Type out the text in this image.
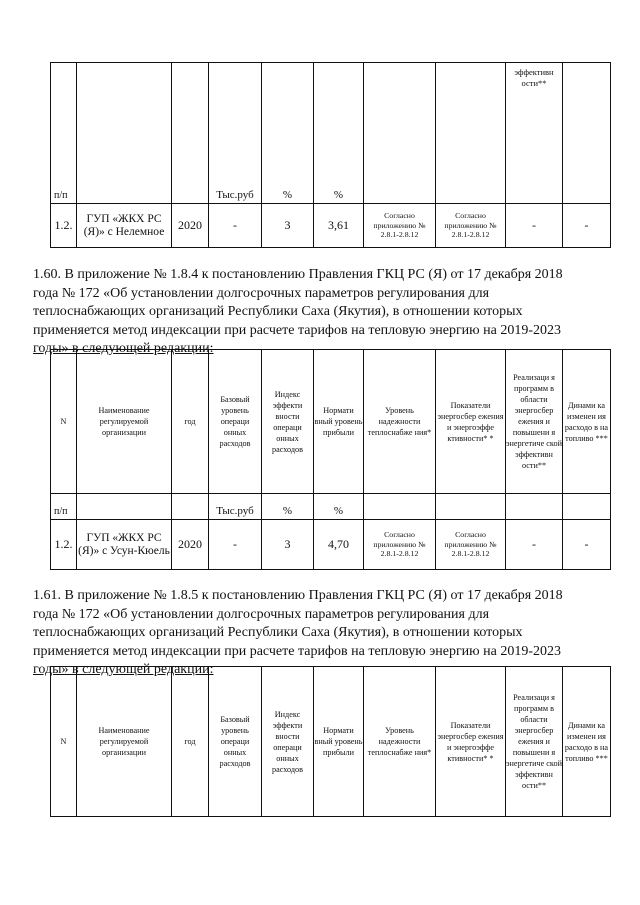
п/п			Тыс.руб	%	%			эффективн ости**	
1.2.	ГУП «ЖКХ РС (Я)» с Нелемное	2020	-	3	3,61	Согласно приложению № 2.8.1-2.8.12	Согласно приложению № 2.8.1-2.8.12	-	-
1.60. В приложение № 1.8.4 к постановлению Правления ГКЦ РС (Я) от 17 декабря 2018
года № 172 «Об установлении долгосрочных параметров регулирования для
теплоснабжающих организаций Республики Саха (Якутия), в отношении которых
применяется метод индексации при расчете тарифов на тепловую энергию на 2019-2023
годы» в следующей редакции:
N	Наименование регулируемой организации	год	Базовый уровень операци онных расходов	Индекс эффекти вности операци онных расходов	Нормати вный уровень прибыли	Уровень надежности теплоснабже ния*	Показатели энергосбер ежения и энергоэффе ктивности* *	Реализаци я программ в области энергосбер ежения и повышени я энергетиче ской эффективн ости**	Динами ка изменен ия расходо в на топливо ***
п/п			Тыс.руб	%	%				
1.2.	ГУП «ЖКХ РС (Я)» с Усун-Кюель	2020	-	3	4,70	Согласно приложению № 2.8.1-2.8.12	Согласно приложению № 2.8.1-2.8.12	-	-
1.61. В приложение № 1.8.5 к постановлению Правления ГКЦ РС (Я) от 17 декабря 2018
года № 172 «Об установлении долгосрочных параметров регулирования для
теплоснабжающих организаций Республики Саха (Якутия), в отношении которых
применяется метод индексации при расчете тарифов на тепловую энергию на 2019-2023
годы» в следующей редакции:
N	Наименование регулируемой организации	год	Базовый уровень операци онных расходов	Индекс эффекти вности операци онных расходов	Нормати вный уровень прибыли	Уровень надежности теплоснабже ния*	Показатели энергосбер ежения и энергоэффе ктивности* *	Реализаци я программ в области энергосбер ежения и повышени я энергетиче ской эффективн ости**	Динами ка изменен ия расходо в на топливо ***
